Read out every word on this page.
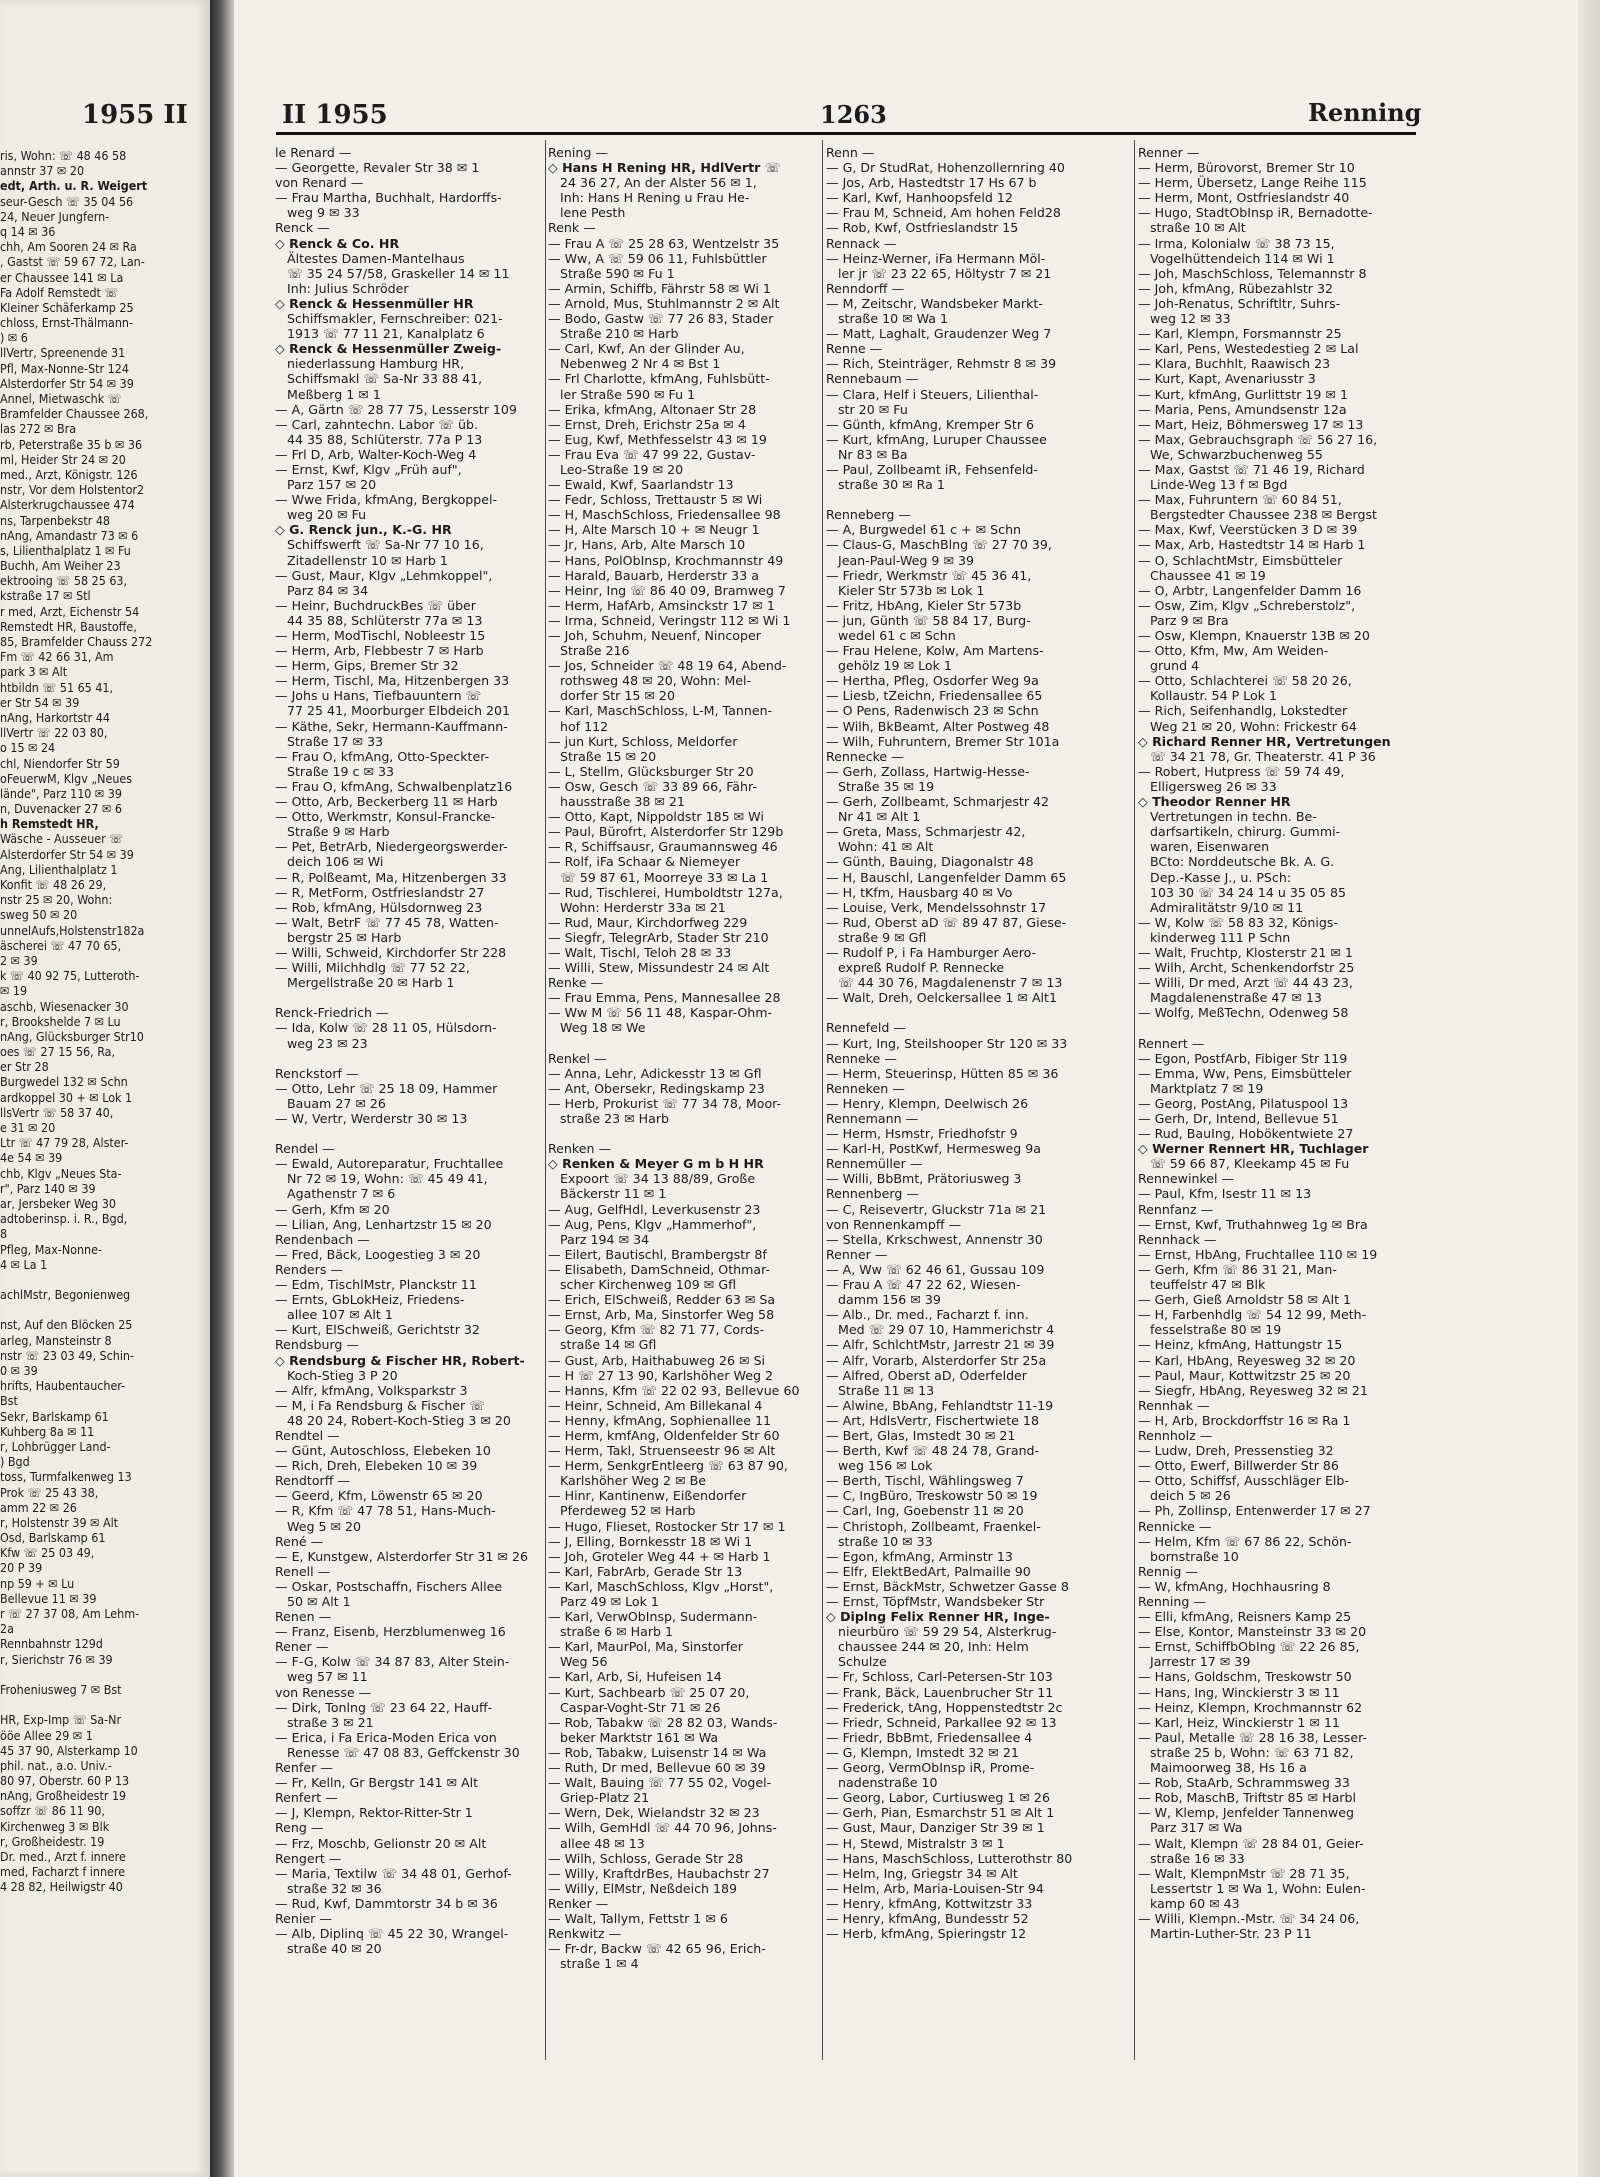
1955 II
ris, Wohn: ☏ 48 46 58
annstr 37 ✉ 20
edt, Arth. u. R. Weigert
seur-Gesch ☏ 35 04 56
24, Neuer Jungfern-
q 14 ✉ 36
chh, Am Sooren 24 ✉ Ra
, Gastst ☏ 59 67 72, Lan-
er Chaussee 141 ✉ La
Fa Adolf Remstedt ☏
Kleiner Schäferkamp 25
chloss, Ernst-Thälmann-
) ✉ 6
llVertr, Spreenende 31
Pfl, Max-Nonne-Str 124
Alsterdorfer Str 54 ✉ 39
Annel, Mietwaschk ☏
Bramfelder Chaussee 268,
las 272 ✉ Bra
rb, Peterstraße 35 b ✉ 36
ml, Heider Str 24 ✉ 20
med., Arzt, Königstr. 126
nstr, Vor dem Holstentor2
Alsterkrugchaussee 474
ns, Tarpenbekstr 48
nAng, Amandastr 73 ✉ 6
s, Lilienthalplatz 1 ✉ Fu
Buchh, Am Weiher 23
ektrooing ☏ 58 25 63,
kstraße 17 ✉ Stl
r med, Arzt, Eichenstr 54
Remstedt HR, Baustoffe,
85, Bramfelder Chauss 272
Fm ☏ 42 66 31, Am
park 3 ✉ Alt
htbildn ☏ 51 65 41,
er Str 54 ✉ 39
nAng, Harkortstr 44
llVertr ☏ 22 03 80,
o 15 ✉ 24
chl, Niendorfer Str 59
oFeuerwM, Klgv „Neues
lände", Parz 110 ✉ 39
n, Duvenacker 27 ✉ 6
h Remstedt HR,
Wäsche - Ausseuer ☏
Alsterdorfer Str 54 ✉ 39
Ang, Lilienthalplatz 1
Konfit ☏ 48 26 29,
nstr 25 ✉ 20, Wohn:
sweg 50 ✉ 20
unnelAufs,Holstenstr182a
äscherei ☏ 47 70 65,
2 ✉ 39
k ☏ 40 92 75, Lutteroth-
✉ 19
aschb, Wiesenacker 30
r, Brookshelde 7 ✉ Lu
nAng, Glücksburger Str10
oes ☏ 27 15 56, Ra,
er Str 28
Burgwedel 132 ✉ Schn
ardkoppel 30 + ✉ Lok 1
llsVertr ☏ 58 37 40,
e 31 ✉ 20
Ltr ☏ 47 79 28, Alster-
4e 54 ✉ 39
chb, Klgv „Neues Sta-
r", Parz 140 ✉ 39
ar, Jersbeker Weg 30
adtoberinsp. i. R., Bgd,
8
Pfleg, Max-Nonne-
4 ✉ La 1
achlMstr, Begonienweg
nst, Auf den Blöcken 25
arleg, Mansteinstr 8
nstr ☏ 23 03 49, Schin-
0 ✉ 39
hrifts, Haubentaucher-
Bst
Sekr, Barlskamp 61
Kuhberg 8a ✉ 11
r, Lohbrügger Land-
) Bgd
toss, Turmfalkenweg 13
Prok ☏ 25 43 38,
amm 22 ✉ 26
r, Holstenstr 39 ✉ Alt
Osd, Barlskamp 61
Kfw ☏ 25 03 49,
20 P 39
np 59 + ✉ Lu
Bellevue 11 ✉ 39
r ☏ 27 37 08, Am Lehm-
2a
Rennbahnstr 129d
r, Sierichstr 76 ✉ 39
Froheniusweg 7 ✉ Bst
HR, Exp-Imp ☏ Sa-Nr
ööe Allee 29 ✉ 1
45 37 90, Alsterkamp 10
phil. nat., a.o. Univ.-
80 97, Oberstr. 60 P 13
nAng, Großheidestr 19
soffzr ☏ 86 11 90,
Kirchenweg 3 ✉ Blk
r, Großheidestr. 19
Dr. med., Arzt f. innere
med, Facharzt f innere
4 28 82, Heilwigstr 40
II 1955	1263	Renning
le Renard —
— Georgette, Revaler Str 38 ✉ 1
von Renard —
— Frau Martha, Buchhalt, Hardorffs-
weg 9 ✉ 33
Renck —
◇ Renck & Co. HR
Ältestes Damen-Mantelhaus
☏ 35 24 57/58, Graskeller 14 ✉ 11
Inh: Julius Schröder
◇ Renck & Hessenmüller HR
Schiffsmakler, Fernschreiber: 021-
1913 ☏ 77 11 21, Kanalplatz 6
◇ Renck & Hessenmüller Zweig-
niederlassung Hamburg HR,
Schiffsmakl ☏ Sa-Nr 33 88 41,
Meßberg 1 ✉ 1
— A, Gärtn ☏ 28 77 75, Lesserstr 109
— Carl, zahntechn. Labor ☏ üb.
44 35 88, Schlüterstr. 77a P 13
— Frl D, Arb, Walter-Koch-Weg 4
— Ernst, Kwf, Klgv „Früh auf",
Parz 157 ✉ 20
— Wwe Frida, kfmAng, Bergkoppel-
weg 20 ✉ Fu
◇ G. Renck jun., K.-G. HR
Schiffswerft ☏ Sa-Nr 77 10 16,
Zitadellenstr 10 ✉ Harb 1
— Gust, Maur, Klgv „Lehmkoppel",
Parz 84 ✉ 34
— Heinr, BuchdruckBes ☏ über
44 35 88, Schlüterstr 77a ✉ 13
— Herm, ModTischl, Nobleestr 15
— Herm, Arb, Flebbestr 7 ✉ Harb
— Herm, Gips, Bremer Str 32
— Herm, Tischl, Ma, Hitzenbergen 33
— Johs u Hans, Tiefbauuntern ☏
77 25 41, Moorburger Elbdeich 201
— Käthe, Sekr, Hermann-Kauffmann-
Straße 17 ✉ 33
— Frau O, kfmAng, Otto-Speckter-
Straße 19 c ✉ 33
— Frau O, kfmAng, Schwalbenplatz16
— Otto, Arb, Beckerberg 11 ✉ Harb
— Otto, Werkmstr, Konsul-Francke-
Straße 9 ✉ Harb
— Pet, BetrArb, Niedergeorgswerder-
deich 106 ✉ Wi
— R, Polßeamt, Ma, Hitzenbergen 33
— R, MetForm, Ostfrieslandstr 27
— Rob, kfmAng, Hülsdornweg 23
— Walt, BetrF ☏ 77 45 78, Watten-
bergstr 25 ✉ Harb
— Willi, Schweid, Kirchdorfer Str 228
— Willi, Milchhdlg ☏ 77 52 22,
Mergellstraße 20 ✉ Harb 1
Renck-Friedrich —
— Ida, Kolw ☏ 28 11 05, Hülsdorn-
weg 23 ✉ 23
Renckstorf —
— Otto, Lehr ☏ 25 18 09, Hammer
Bauam 27 ✉ 26
— W, Vertr, Werderstr 30 ✉ 13
Rendel —
— Ewald, Autoreparatur, Fruchtallee
Nr 72 ✉ 19, Wohn: ☏ 45 49 41,
Agathenstr 7 ✉ 6
— Gerh, Kfm ✉ 20
— Lilian, Ang, Lenhartzstr 15 ✉ 20
Rendenbach —
— Fred, Bäck, Loogestieg 3 ✉ 20
Renders —
— Edm, TischlMstr, Planckstr 11
— Ernts, GbLokHeiz, Friedens-
allee 107 ✉ Alt 1
— Kurt, ElSchweiß, Gerichtstr 32
Rendsburg —
◇ Rendsburg & Fischer HR, Robert-
Koch-Stieg 3 P 20
— Alfr, kfmAng, Volksparkstr 3
— M, i Fa Rendsburg & Fischer ☏
48 20 24, Robert-Koch-Stieg 3 ✉ 20
Rendtel —
— Günt, Autoschloss, Elebeken 10
— Rich, Dreh, Elebeken 10 ✉ 39
Rendtorff —
— Geerd, Kfm, Löwenstr 65 ✉ 20
— R, Kfm ☏ 47 78 51, Hans-Much-
Weg 5 ✉ 20
René —
— E, Kunstgew, Alsterdorfer Str 31 ✉ 26
Renell —
— Oskar, Postschaffn, Fischers Allee
50 ✉ Alt 1
Renen —
— Franz, Eisenb, Herzblumenweg 16
Rener —
— F-G, Kolw ☏ 34 87 83, Alter Stein-
weg 57 ✉ 11
von Renesse —
— Dirk, Tonlng ☏ 23 64 22, Hauff-
straße 3 ✉ 21
— Erica, i Fa Erica-Moden Erica von
Renesse ☏ 47 08 83, Geffckenstr 30
Renfer —
— Fr, Kelln, Gr Bergstr 141 ✉ Alt
Renfert —
— J, Klempn, Rektor-Ritter-Str 1
Reng —
— Frz, Moschb, Gelionstr 20 ✉ Alt
Rengert —
— Maria, Textilw ☏ 34 48 01, Gerhof-
straße 32 ✉ 36
— Rud, Kwf, Dammtorstr 34 b ✉ 36
Renier —
— Alb, Diplinq ☏ 45 22 30, Wrangel-
straße 40 ✉ 20
Rening —
◇ Hans H Rening HR, HdlVertr ☏
24 36 27, An der Alster 56 ✉ 1,
Inh: Hans H Rening u Frau He-
lene Pesth
Renk —
— Frau A ☏ 25 28 63, Wentzelstr 35
— Ww, A ☏ 59 06 11, Fuhlsbüttler
Straße 590 ✉ Fu 1
— Armin, Schiffb, Fährstr 58 ✉ Wi 1
— Arnold, Mus, Stuhlmannstr 2 ✉ Alt
— Bodo, Gastw ☏ 77 26 83, Stader
Straße 210 ✉ Harb
— Carl, Kwf, An der Glinder Au,
Nebenweg 2 Nr 4 ✉ Bst 1
— Frl Charlotte, kfmAng, Fuhlsbütt-
ler Straße 590 ✉ Fu 1
— Erika, kfmAng, Altonaer Str 28
— Ernst, Dreh, Erichstr 25a ✉ 4
— Eug, Kwf, Methfesselstr 43 ✉ 19
— Frau Eva ☏ 47 99 22, Gustav-
Leo-Straße 19 ✉ 20
— Ewald, Kwf, Saarlandstr 13
— Fedr, Schloss, Trettaustr 5 ✉ Wi
— H, MaschSchloss, Friedensallee 98
— H, Alte Marsch 10 + ✉ Neugr 1
— Jr, Hans, Arb, Alte Marsch 10
— Hans, PolObInsp, Krochmannstr 49
— Harald, Bauarb, Herderstr 33 a
— Heinr, Ing ☏ 86 40 09, Bramweg 7
— Herm, HafArb, Amsinckstr 17 ✉ 1
— Irma, Schneid, Veringstr 112 ✉ Wi 1
— Joh, Schuhm, Neuenf, Nincoper
Straße 216
— Jos, Schneider ☏ 48 19 64, Abend-
rothsweg 48 ✉ 20, Wohn: Mel-
dorfer Str 15 ✉ 20
— Karl, MaschSchloss, L-M, Tannen-
hof 112
— jun Kurt, Schloss, Meldorfer
Straße 15 ✉ 20
— L, Stellm, Glücksburger Str 20
— Osw, Gesch ☏ 33 89 66, Fähr-
hausstraße 38 ✉ 21
— Otto, Kapt, Nippoldstr 185 ✉ Wi
— Paul, Bürofrt, Alsterdorfer Str 129b
— R, Schiffsausr, Graumannsweg 46
— Rolf, iFa Schaar & Niemeyer
☏ 59 87 61, Moorreye 33 ✉ La 1
— Rud, Tischlerei, Humboldtstr 127a,
Wohn: Herderstr 33a ✉ 21
— Rud, Maur, Kirchdorfweg 229
— Siegfr, TelegrArb, Stader Str 210
— Walt, Tischl, Teloh 28 ✉ 33
— Willi, Stew, Missundestr 24 ✉ Alt
Renke —
— Frau Emma, Pens, Mannesallee 28
— Ww M ☏ 56 11 48, Kaspar-Ohm-
Weg 18 ✉ We
Renkel —
— Anna, Lehr, Adickesstr 13 ✉ Gfl
— Ant, Obersekr, Redingskamp 23
— Herb, Prokurist ☏ 77 34 78, Moor-
straße 23 ✉ Harb
Renken —
◇ Renken & Meyer G m b H HR
Expoort ☏ 34 13 88/89, Große
Bäckerstr 11 ✉ 1
— Aug, GelfHdl, Leverkusenstr 23
— Aug, Pens, Klgv „Hammerhof",
Parz 194 ✉ 34
— Eilert, Bautischl, Brambergstr 8f
— Elisabeth, DamSchneid, Othmar-
scher Kirchenweg 109 ✉ Gfl
— Erich, ElSchweiß, Redder 63 ✉ Sa
— Ernst, Arb, Ma, Sinstorfer Weg 58
— Georg, Kfm ☏ 82 71 77, Cords-
straße 14 ✉ Gfl
— Gust, Arb, Haithabuweg 26 ✉ Si
— H ☏ 27 13 90, Karlshöher Weg 2
— Hanns, Kfm ☏ 22 02 93, Bellevue 60
— Heinr, Schneid, Am Billekanal 4
— Henny, kfmAng, Sophienallee 11
— Herm, kmfAng, Oldenfelder Str 60
— Herm, Takl, Struenseestr 96 ✉ Alt
— Herm, SenkgrEntleerg ☏ 63 87 90,
Karlshöher Weg 2 ✉ Be
— Hinr, Kantinenw, Eißendorfer
Pferdeweg 52 ✉ Harb
— Hugo, Flieset, Rostocker Str 17 ✉ 1
— J, Elling, Bornkesstr 18 ✉ Wi 1
— Joh, Groteler Weg 44 + ✉ Harb 1
— Karl, FabrArb, Gerade Str 13
— Karl, MaschSchloss, Klgv „Horst",
Parz 49 ✉ Lok 1
— Karl, VerwObInsp, Sudermann-
straße 6 ✉ Harb 1
— Karl, MaurPol, Ma, Sinstorfer
Weg 56
— Karl, Arb, Si, Hufeisen 14
— Kurt, Sachbearb ☏ 25 07 20,
Caspar-Voght-Str 71 ✉ 26
— Rob, Tabakw ☏ 28 82 03, Wands-
beker Marktstr 161 ✉ Wa
— Rob, Tabakw, Luisenstr 14 ✉ Wa
— Ruth, Dr med, Bellevue 60 ✉ 39
— Walt, Bauing ☏ 77 55 02, Vogel-
Griep-Platz 21
— Wern, Dek, Wielandstr 32 ✉ 23
— Wilh, GemHdl ☏ 44 70 96, Johns-
allee 48 ✉ 13
— Wilh, Schloss, Gerade Str 28
— Willy, KraftdrBes, Haubachstr 27
— Willy, ElMstr, Neßdeich 189
Renker —
— Walt, Tallym, Fettstr 1 ✉ 6
Renkwitz —
— Fr-dr, Backw ☏ 42 65 96, Erich-
straße 1 ✉ 4
Renn —
— G, Dr StudRat, Hohenzollernring 40
— Jos, Arb, Hastedtstr 17 Hs 67 b
— Karl, Kwf, Hanhoopsfeld 12
— Frau M, Schneid, Am hohen Feld28
— Rob, Kwf, Ostfrieslandstr 15
Rennack —
— Heinz-Werner, iFa Hermann Möl-
ler jr ☏ 23 22 65, Höltystr 7 ✉ 21
Renndorff —
— M, Zeitschr, Wandsbeker Markt-
straße 10 ✉ Wa 1
— Matt, Laghalt, Graudenzer Weg 7
Renne —
— Rich, Steinträger, Rehmstr 8 ✉ 39
Rennebaum —
— Clara, Helf i Steuers, Lilienthal-
str 20 ✉ Fu
— Günth, kfmAng, Kremper Str 6
— Kurt, kfmAng, Luruper Chaussee
Nr 83 ✉ Ba
— Paul, Zollbeamt iR, Fehsenfeld-
straße 30 ✉ Ra 1
Renneberg —
— A, Burgwedel 61 c + ✉ Schn
— Claus-G, MaschBlng ☏ 27 70 39,
Jean-Paul-Weg 9 ✉ 39
— Friedr, Werkmstr ☏ 45 36 41,
Kieler Str 573b ✉ Lok 1
— Fritz, HbAng, Kieler Str 573b
— jun, Günth ☏ 58 84 17, Burg-
wedel 61 c ✉ Schn
— Frau Helene, Kolw, Am Martens-
gehölz 19 ✉ Lok 1
— Hertha, Pfleg, Osdorfer Weg 9a
— Liesb, tZeichn, Friedensallee 65
— O Pens, Radenwisch 23 ✉ Schn
— Wilh, BkBeamt, Alter Postweg 48
— Wilh, Fuhruntern, Bremer Str 101a
Rennecke —
— Gerh, Zollass, Hartwig-Hesse-
Straße 35 ✉ 19
— Gerh, Zollbeamt, Schmarjestr 42
Nr 41 ✉ Alt 1
— Greta, Mass, Schmarjestr 42,
Wohn: 41 ✉ Alt
— Günth, Bauing, Diagonalstr 48
— H, Bauschl, Langenfelder Damm 65
— H, tKfm, Hausbarg 40 ✉ Vo
— Louise, Verk, Mendelssohnstr 17
— Rud, Oberst aD ☏ 89 47 87, Giese-
straße 9 ✉ Gfl
— Rudolf P, i Fa Hamburger Aero-
expreß Rudolf P. Rennecke
☏ 44 30 76, Magdalenenstr 7 ✉ 13
— Walt, Dreh, Oelckersallee 1 ✉ Alt1
Rennefeld —
— Kurt, Ing, Steilshooper Str 120 ✉ 33
Renneke —
— Herm, Steuerinsp, Hütten 85 ✉ 36
Renneken —
— Henry, Klempn, Deelwisch 26
Rennemann —
— Herm, Hsmstr, Friedhofstr 9
— Karl-H, PostKwf, Hermesweg 9a
Rennemüller —
— Willi, BbBmt, Prätoriusweg 3
Rennenberg —
— C, Reisevertr, Gluckstr 71a ✉ 21
von Rennenkampff —
— Stella, Krkschwest, Annenstr 30
Renner —
— A, Ww ☏ 62 46 61, Gussau 109
— Frau A ☏ 47 22 62, Wiesen-
damm 156 ✉ 39
— Alb., Dr. med., Facharzt f. inn.
Med ☏ 29 07 10, Hammerichstr 4
— Alfr, SchlchtMstr, Jarrestr 21 ✉ 39
— Alfr, Vorarb, Alsterdorfer Str 25a
— Alfred, Oberst aD, Oderfelder
Straße 11 ✉ 13
— Alwine, BbAng, Fehlandtstr 11-19
— Art, HdlsVertr, Fischertwiete 18
— Bert, Glas, Imstedt 30 ✉ 21
— Berth, Kwf ☏ 48 24 78, Grand-
weg 156 ✉ Lok
— Berth, Tischl, Wählingsweg 7
— C, IngBüro, Treskowstr 50 ✉ 19
— Carl, Ing, Goebenstr 11 ✉ 20
— Christoph, Zollbeamt, Fraenkel-
straße 10 ✉ 33
— Egon, kfmAng, Arminstr 13
— Elfr, ElektBedArt, Palmaille 90
— Ernst, BäckMstr, Schwetzer Gasse 8
— Ernst, TöpfMstr, Wandsbeker Str
◇ Diplng Felix Renner HR, Inge-
nieurbüro ☏ 59 29 54, Alsterkrug-
chaussee 244 ✉ 20, Inh: Helm
Schulze
— Fr, Schloss, Carl-Petersen-Str 103
— Frank, Bäck, Lauenbrucher Str 11
— Frederick, tAng, Hoppenstedtstr 2c
— Friedr, Schneid, Parkallee 92 ✉ 13
— Friedr, BbBmt, Friedensallee 4
— G, Klempn, Imstedt 32 ✉ 21
— Georg, VermObInsp iR, Prome-
nadenstraße 10
— Georg, Labor, Curtiusweg 1 ✉ 26
— Gerh, Pian, Esmarchstr 51 ✉ Alt 1
— Gust, Maur, Danziger Str 39 ✉ 1
— H, Stewd, Mistralstr 3 ✉ 1
— Hans, MaschSchloss, Lutterothstr 80
— Helm, Ing, Griegstr 34 ✉ Alt
— Helm, Arb, Maria-Louisen-Str 94
— Henry, kfmAng, Kottwitzstr 33
— Henry, kfmAng, Bundesstr 52
— Herb, kfmAng, Spieringstr 12
Renner —
— Herm, Bürovorst, Bremer Str 10
— Herm, Übersetz, Lange Reihe 115
— Herm, Mont, Ostfrieslandstr 40
— Hugo, StadtObInsp iR, Bernadotte-
straße 10 ✉ Alt
— Irma, Kolonialw ☏ 38 73 15,
Vogelhüttendeich 114 ✉ Wi 1
— Joh, MaschSchloss, Telemannstr 8
— Joh, kfmAng, Rübezahlstr 32
— Joh-Renatus, Schriftltr, Suhrs-
weg 12 ✉ 33
— Karl, Klempn, Forsmannstr 25
— Karl, Pens, Westedestieg 2 ✉ Lal
— Klara, Buchhlt, Raawisch 23
— Kurt, Kapt, Avenariusstr 3
— Kurt, kfmAng, Gurlittstr 19 ✉ 1
— Maria, Pens, Amundsenstr 12a
— Mart, Heiz, Böhmersweg 17 ✉ 13
— Max, Gebrauchsgraph ☏ 56 27 16,
We, Schwarzbuchenweg 55
— Max, Gastst ☏ 71 46 19, Richard
Linde-Weg 13 f ✉ Bgd
— Max, Fuhruntern ☏ 60 84 51,
Bergstedter Chaussee 238 ✉ Bergst
— Max, Kwf, Veerstücken 3 D ✉ 39
— Max, Arb, Hastedtstr 14 ✉ Harb 1
— O, SchlachtMstr, Eimsbütteler
Chaussee 41 ✉ 19
— O, Arbtr, Langenfelder Damm 16
— Osw, Zim, Klgv „Schreberstolz",
Parz 9 ✉ Bra
— Osw, Klempn, Knauerstr 13B ✉ 20
— Otto, Kfm, Mw, Am Weiden-
grund 4
— Otto, Schlachterei ☏ 58 20 26,
Kollaustr. 54 P Lok 1
— Rich, Seifenhandlg, Lokstedter
Weg 21 ✉ 20, Wohn: Frickestr 64
◇ Richard Renner HR, Vertretungen
☏ 34 21 78, Gr. Theaterstr. 41 P 36
— Robert, Hutpress ☏ 59 74 49,
Elligersweg 26 ✉ 33
◇ Theodor Renner HR
Vertretungen in techn. Be-
darfsartikeln, chirurg. Gummi-
waren, Eisenwaren
BCto: Norddeutsche Bk. A. G.
Dep.-Kasse J., u. PSch:
103 30 ☏ 34 24 14 u 35 05 85
Admiralitätstr 9/10 ✉ 11
— W, Kolw ☏ 58 83 32, Königs-
kinderweg 111 P Schn
— Walt, Fruchtp, Klosterstr 21 ✉ 1
— Wilh, Archt, Schenkendorfstr 25
— Willi, Dr med, Arzt ☏ 44 43 23,
Magdalenenstraße 47 ✉ 13
— Wolfg, MeßTechn, Odenweg 58
Rennert —
— Egon, PostfArb, Fibiger Str 119
— Emma, Ww, Pens, Eimsbütteler
Marktplatz 7 ✉ 19
— Georg, PostAng, Pilatuspool 13
— Gerh, Dr, Intend, Bellevue 51
— Rud, BauIng, Hobökentwiete 27
◇ Werner Rennert HR, Tuchlager
☏ 59 66 87, Kleekamp 45 ✉ Fu
Rennewinkel —
— Paul, Kfm, Isestr 11 ✉ 13
Rennfanz —
— Ernst, Kwf, Truthahnweg 1g ✉ Bra
Rennhack —
— Ernst, HbAng, Fruchtallee 110 ✉ 19
— Gerh, Kfm ☏ 86 31 21, Man-
teuffelstr 47 ✉ Blk
— Gerh, Gieß Arnoldstr 58 ✉ Alt 1
— H, Farbenhdlg ☏ 54 12 99, Meth-
fesselstraße 80 ✉ 19
— Heinz, kfmAng, Hattungstr 15
— Karl, HbAng, Reyesweg 32 ✉ 20
— Paul, Maur, Kottwitzstr 25 ✉ 20
— Siegfr, HbAng, Reyesweg 32 ✉ 21
Rennhak —
— H, Arb, Brockdorffstr 16 ✉ Ra 1
Rennholz —
— Ludw, Dreh, Pressenstieg 32
— Otto, Ewerf, Billwerder Str 86
— Otto, Schiffsf, Ausschläger Elb-
deich 5 ✉ 26
— Ph, Zollinsp, Entenwerder 17 ✉ 27
Rennicke —
— Helm, Kfm ☏ 67 86 22, Schön-
bornstraße 10
Rennig —
— W, kfmAng, Hochhausring 8
Renning —
— Elli, kfmAng, Reisners Kamp 25
— Else, Kontor, Mansteinstr 33 ✉ 20
— Ernst, SchiffbObIng ☏ 22 26 85,
Jarrestr 17 ✉ 39
— Hans, Goldschm, Treskowstr 50
— Hans, Ing, Winckierstr 3 ✉ 11
— Heinz, Klempn, Krochmannstr 62
— Karl, Heiz, Winckierstr 1 ✉ 11
— Paul, Metalle ☏ 28 16 38, Lesser-
straße 25 b, Wohn: ☏ 63 71 82,
Maimoorweg 38, Hs 16 a
— Rob, StaArb, Schrammsweg 33
— Rob, MaschB, Triftstr 85 ✉ Harbl
— W, Klemp, Jenfelder Tannenweg
Parz 317 ✉ Wa
— Walt, Klempn ☏ 28 84 01, Geier-
straße 16 ✉ 33
— Walt, KlempnMstr ☏ 28 71 35,
Lessertstr 1 ✉ Wa 1, Wohn: Eulen-
kamp 60 ✉ 43
— Willi, Klempn.-Mstr. ☏ 34 24 06,
Martin-Luther-Str. 23 P 11
